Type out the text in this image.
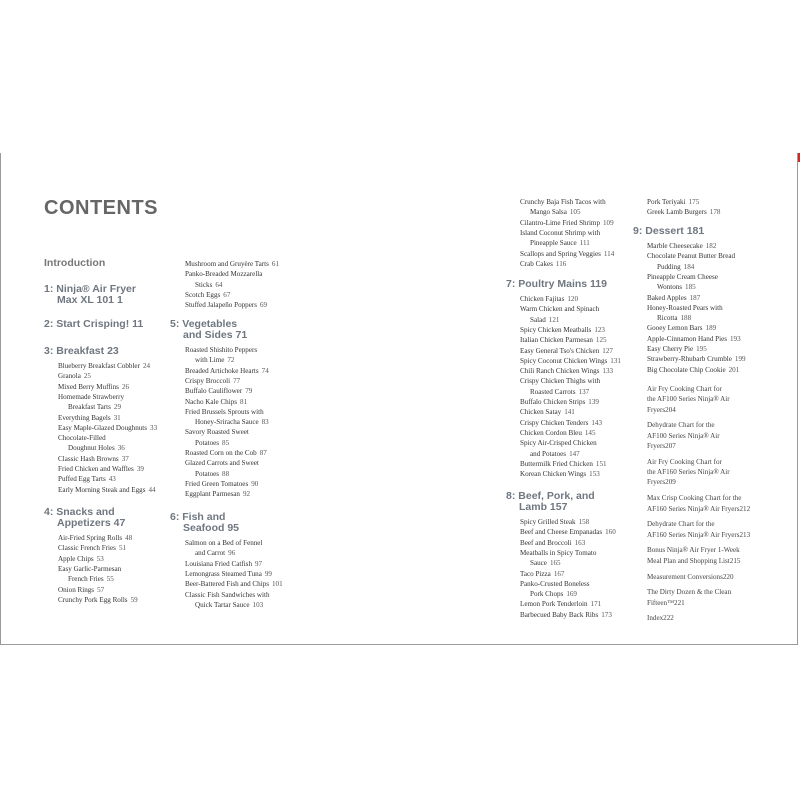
CONTENTS
Introduction
1: Ninja® Air Fryer
Max XL 101 1
2: Start Crisping! 11
3: Breakfast 23
Blueberry Breakfast Cobbler 24
Granola 25
Mixed Berry Muffins 26
Homemade Strawberry
Breakfast Tarts 29
Everything Bagels 31
Easy Maple-Glazed Doughnuts 33
Chocolate-Filled
Doughnut Holes 36
Classic Hash Browns 37
Fried Chicken and Waffles 39
Puffed Egg Tarts 43
Early Morning Steak and Eggs 44
4: Snacks and
Appetizers 47
Air-Fried Spring Rolls 48
Classic French Fries 51
Apple Chips 53
Easy Garlic-Parmesan
French Fries 55
Onion Rings 57
Crunchy Pork Egg Rolls 59
Mushroom and Gruyère Tarts 61
Panko-Breaded Mozzarella
Sticks 64
Scotch Eggs 67
Stuffed Jalapeño Poppers 69
5: Vegetables
and Sides 71
Roasted Shishito Peppers
with Lime 72
Breaded Artichoke Hearts 74
Crispy Broccoli 77
Buffalo Cauliflower 79
Nacho Kale Chips 81
Fried Brussels Sprouts with
Honey-Sriracha Sauce 83
Savory Roasted Sweet
Potatoes 85
Roasted Corn on the Cob 87
Glazed Carrots and Sweet
Potatoes 88
Fried Green Tomatoes 90
Eggplant Parmesan 92
6: Fish and
Seafood 95
Salmon on a Bed of Fennel
and Carrot 96
Louisiana Fried Catfish 97
Lemongrass Steamed Tuna 99
Beer-Battered Fish and Chips 101
Classic Fish Sandwiches with
Quick Tartar Sauce 103
Crunchy Baja Fish Tacos with
Mango Salsa 105
Cilantro-Lime Fried Shrimp 109
Island Coconut Shrimp with
Pineapple Sauce 111
Scallops and Spring Veggies 114
Crab Cakes 116
7: Poultry Mains 119
Chicken Fajitas 120
Warm Chicken and Spinach
Salad 121
Spicy Chicken Meatballs 123
Italian Chicken Parmesan 125
Easy General Tso's Chicken 127
Spicy Coconut Chicken Wings 131
Chili Ranch Chicken Wings 133
Crispy Chicken Thighs with
Roasted Carrots 137
Buffalo Chicken Strips 139
Chicken Satay 141
Crispy Chicken Tenders 143
Chicken Cordon Bleu 145
Spicy Air-Crisped Chicken
and Potatoes 147
Buttermilk Fried Chicken 151
Korean Chicken Wings 153
8: Beef, Pork, and
Lamb 157
Spicy Grilled Steak 158
Beef and Cheese Empanadas 160
Beef and Broccoli 163
Meatballs in Spicy Tomato
Sauce 165
Taco Pizza 167
Panko-Crusted Boneless
Pork Chops 169
Lemon Pork Tenderloin 171
Barbecued Baby Back Ribs 173
Pork Teriyaki 175
Greek Lamb Burgers 178
9: Dessert 181
Marble Cheesecake 182
Chocolate Peanut Butter Bread
Pudding 184
Pineapple Cream Cheese
Wontons 185
Baked Apples 187
Honey-Roasted Pears with
Ricotta 188
Gooey Lemon Bars 189
Apple-Cinnamon Hand Pies 193
Easy Cherry Pie 195
Strawberry-Rhubarb Crumble 199
Big Chocolate Chip Cookie 201
Air Fry Cooking Chart for
the AF100 Series Ninja® Air
Fryers204
Dehydrate Chart for the
AF100 Series Ninja® Air
Fryers207
Air Fry Cooking Chart for
the AF160 Series Ninja® Air
Fryers209
Max Crisp Cooking Chart for the
AF160 Series Ninja® Air Fryers212
Dehydrate Chart for the
AF160 Series Ninja® Air Fryers213
Bonus Ninja® Air Fryer 1-Week
Meal Plan and Shopping List215
Measurement Conversions220
The Dirty Dozen & the Clean
Fifteen™221
Index222
